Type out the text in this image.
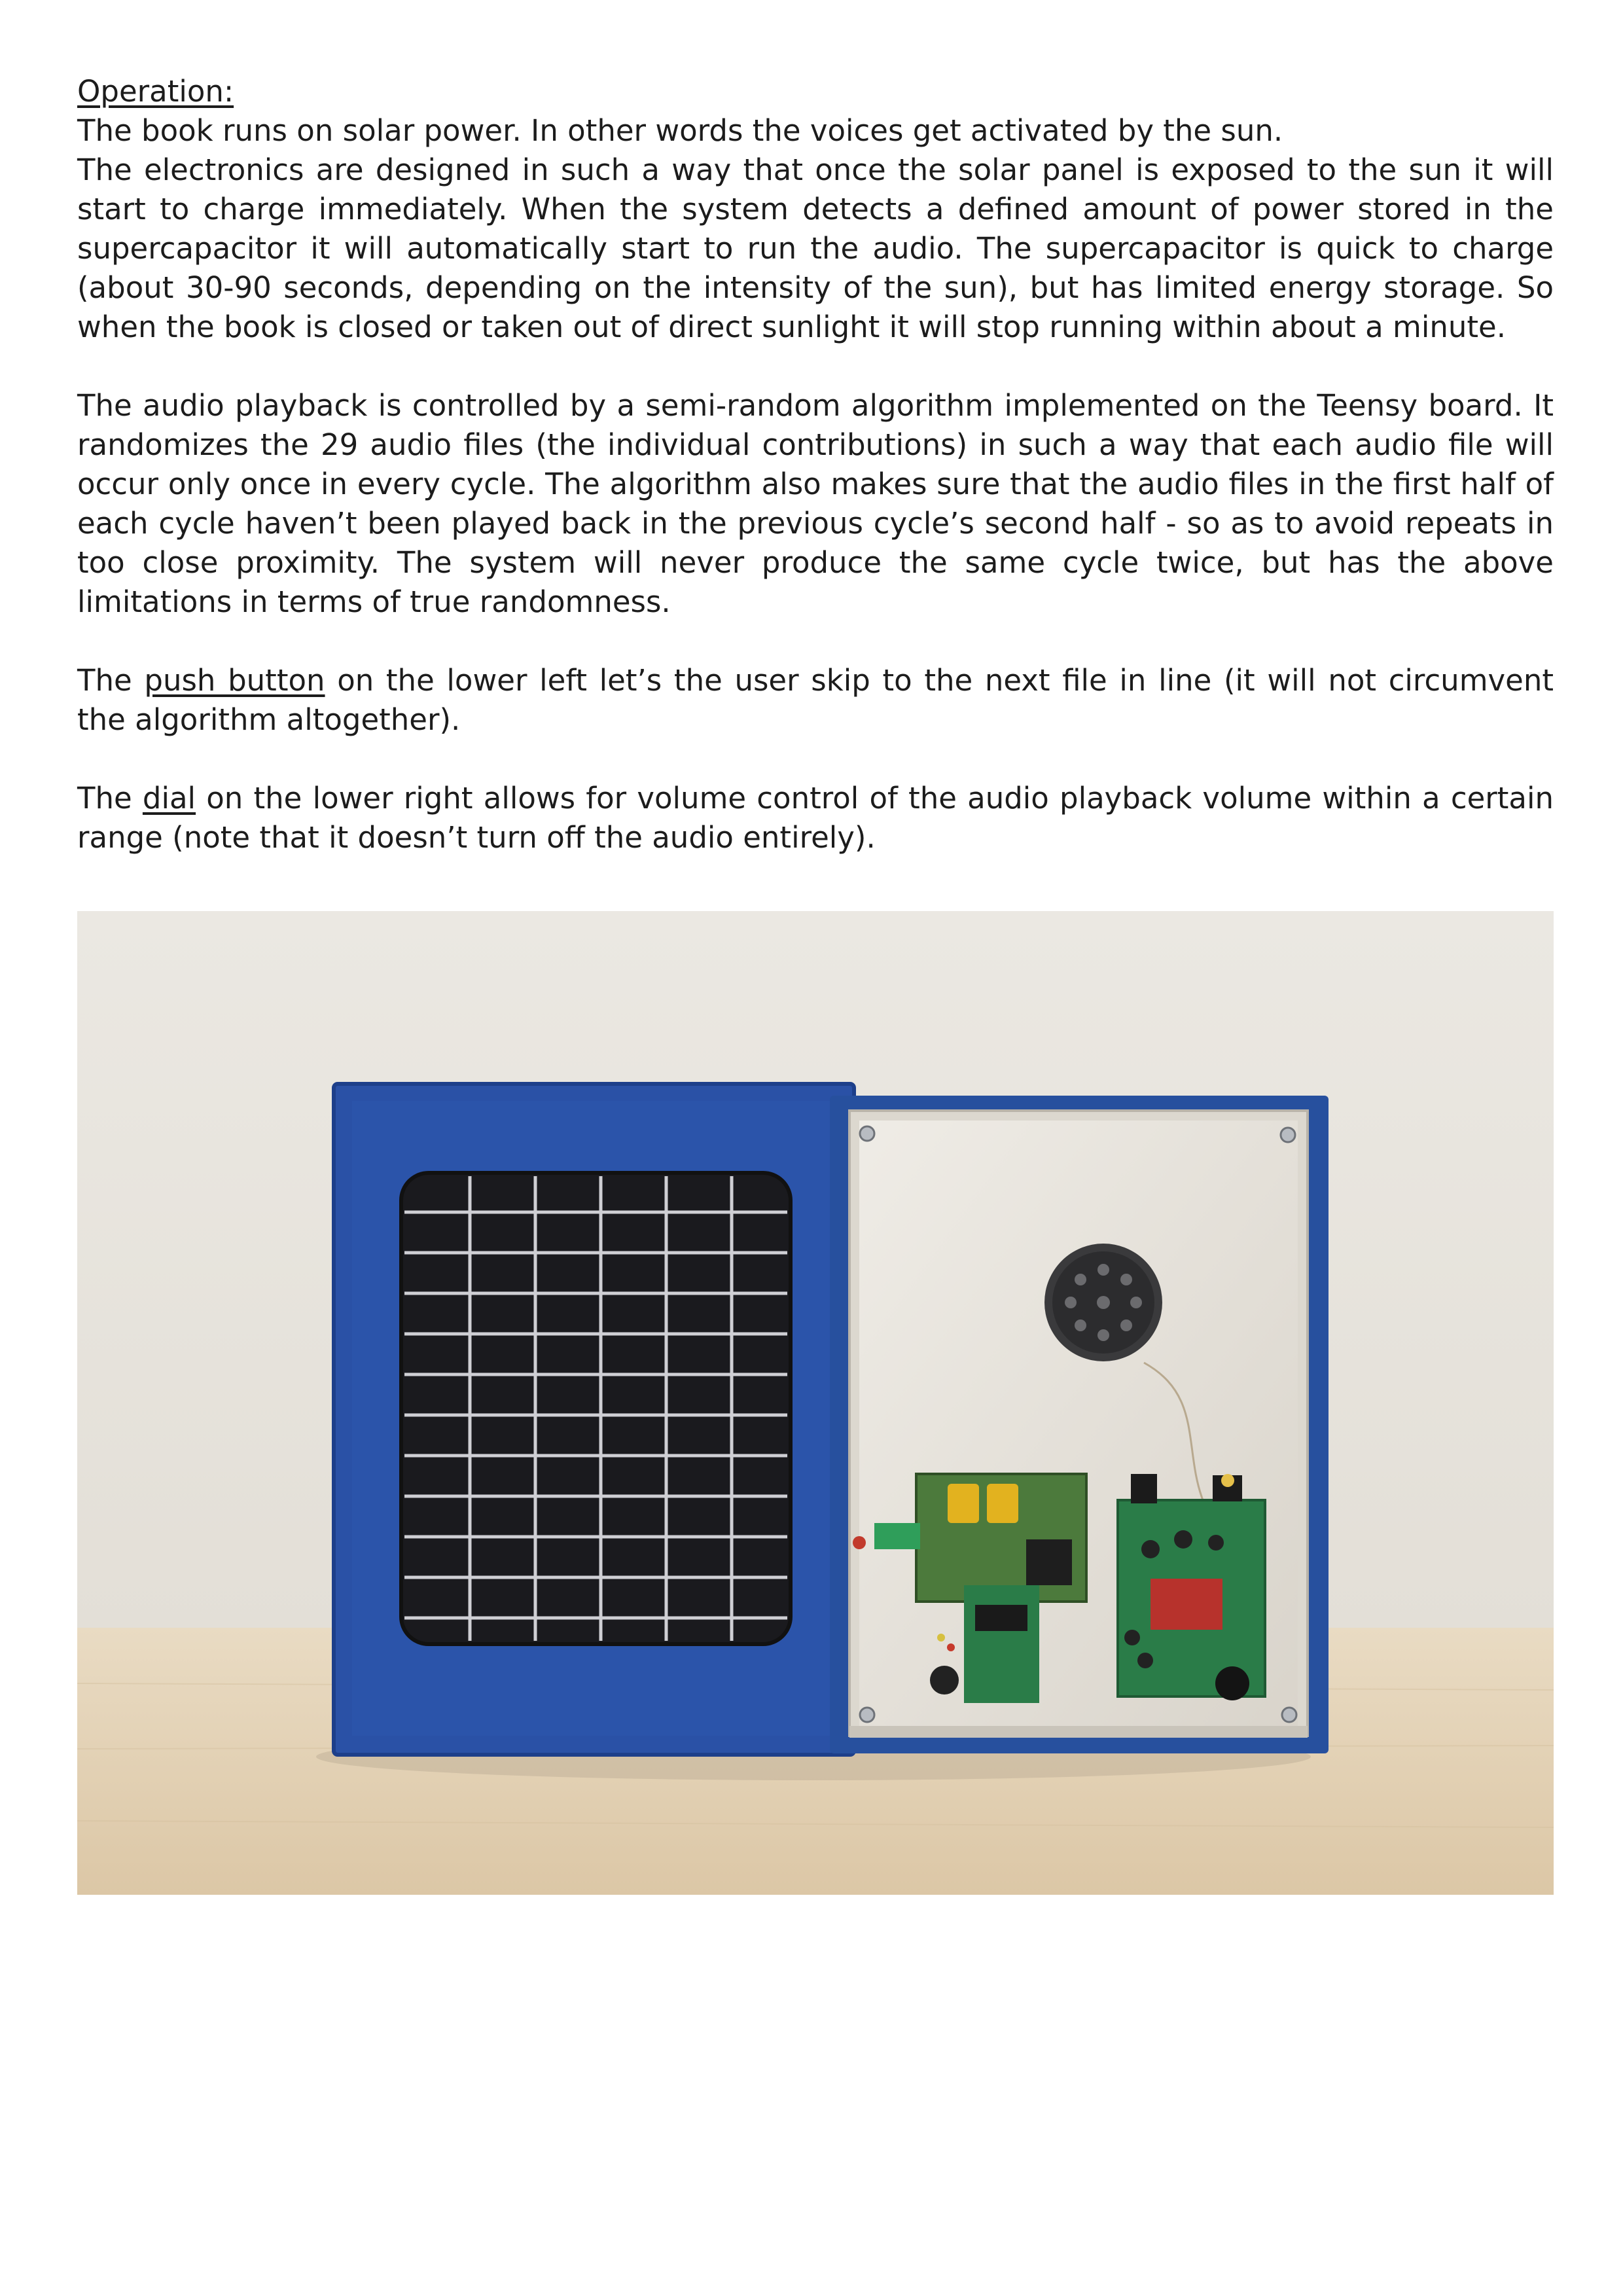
Operation:

The book runs on solar power. In other words the voices get activated by the sun.

The electronics are designed in such a way that once the solar panel is exposed to the sun it will start to charge immediately. When the system detects a defined amount of power stored in the supercapacitor it will automatically start to run the audio. The supercapacitor is quick to charge (about 30-90 seconds, depending on the intensity of the sun), but has limited energy storage. So when the book is closed or taken out of direct sunlight it will stop running within about a minute.

The audio playback is controlled by a semi-random algorithm implemented on the Teensy board. It randomizes the 29 audio files (the individual contributions) in such a way that each audio file will occur only once in every cycle. The algorithm also makes sure that the audio files in the first half of each cycle haven’t been played back in the previous cycle’s second half - so as to avoid repeats in too close proximity. The system will never produce the same cycle twice, but has the above limitations in terms of true randomness.

The push button on the lower left let’s the user skip to the next file in line (it will not circumvent the algorithm altogether).

The dial on the lower right allows for volume control of the audio playback volume within a certain range (note that it doesn’t turn off the audio entirely).
